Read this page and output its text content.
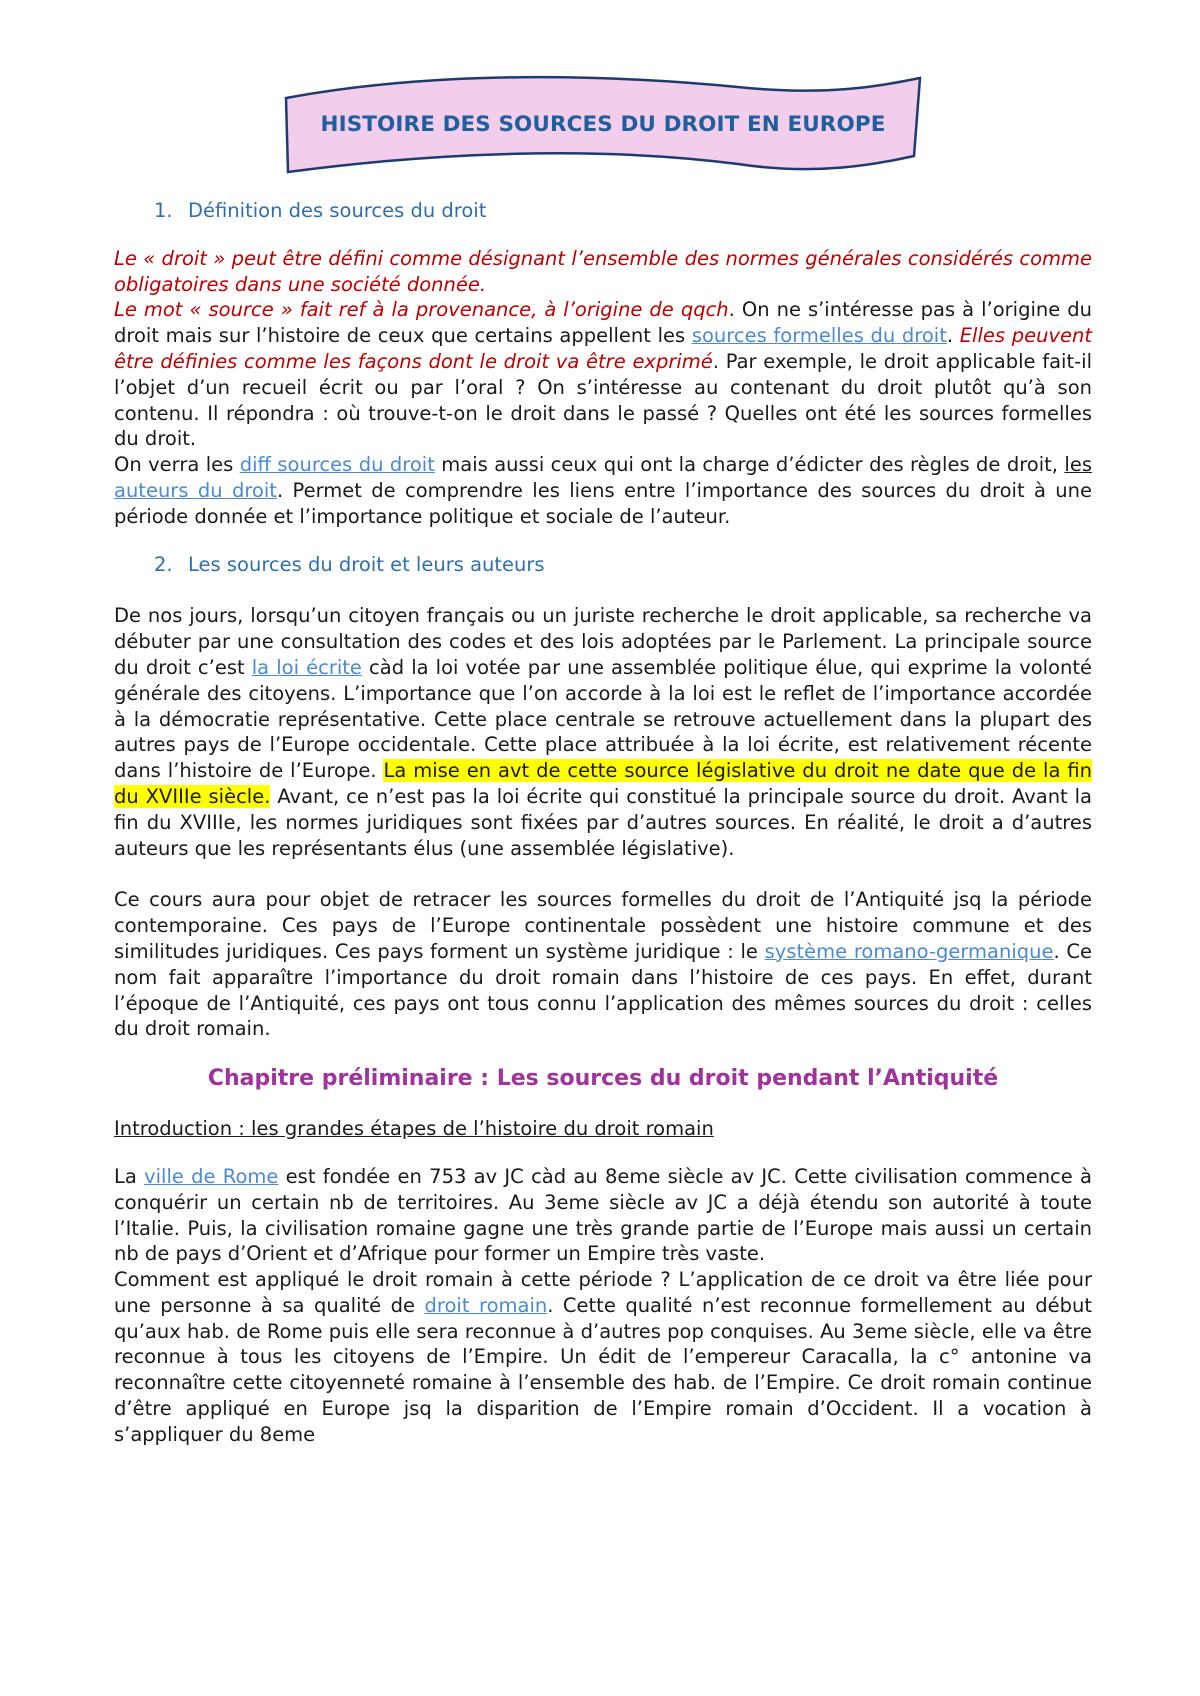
HISTOIRE DES SOURCES DU DROIT EN EUROPE
1. Définition des sources du droit

Le « droit » peut être défini comme désignant l’ensemble des normes générales considérés comme obligatoires dans une société donnée.

Le mot « source » fait ref à la provenance, à l’origine de qqch. On ne s’intéresse pas à l’origine du droit mais sur l’histoire de ceux que certains appellent les sources formelles du droit. Elles peuvent être définies comme les façons dont le droit va être exprimé. Par exemple, le droit applicable fait-il l’objet d’un recueil écrit ou par l’oral ? On s’intéresse au contenant du droit plutôt qu’à son contenu. Il répondra : où trouve-t-on le droit dans le passé ? Quelles ont été les sources formelles du droit.

On verra les diff sources du droit mais aussi ceux qui ont la charge d’édicter des règles de droit, les auteurs du droit. Permet de comprendre les liens entre l’importance des sources du droit à une période donnée et l’importance politique et sociale de l’auteur.

2. Les sources du droit et leurs auteurs

De nos jours, lorsqu’un citoyen français ou un juriste recherche le droit applicable, sa recherche va débuter par une consultation des codes et des lois adoptées par le Parlement. La principale source du droit c’est la loi écrite càd la loi votée par une assemblée politique élue, qui exprime la volonté générale des citoyens. L’importance que l’on accorde à la loi est le reflet de l’importance accordée à la démocratie représentative. Cette place centrale se retrouve actuellement dans la plupart des autres pays de l’Europe occidentale. Cette place attribuée à la loi écrite, est relativement récente dans l’histoire de l’Europe. La mise en avt de cette source législative du droit ne date que de la fin du XVIIIe siècle. Avant, ce n’est pas la loi écrite qui constitué la principale source du droit. Avant la fin du XVIIIe, les normes juridiques sont fixées par d’autres sources. En réalité, le droit a d’autres auteurs que les représentants élus (une assemblée législative).

Ce cours aura pour objet de retracer les sources formelles du droit de l’Antiquité jsq la période contemporaine. Ces pays de l’Europe continentale possèdent une histoire commune et des similitudes juridiques. Ces pays forment un système juridique : le système romano-germanique. Ce nom fait apparaître l’importance du droit romain dans l’histoire de ces pays. En effet, durant l’époque de l’Antiquité, ces pays ont tous connu l’application des mêmes sources du droit : celles du droit romain.

Chapitre préliminaire : Les sources du droit pendant l’Antiquité
Introduction : les grandes étapes de l’histoire du droit romain

La ville de Rome est fondée en 753 av JC càd au 8eme siècle av JC. Cette civilisation commence à conquérir un certain nb de territoires. Au 3eme siècle av JC a déjà étendu son autorité à toute l’Italie. Puis, la civilisation romaine gagne une très grande partie de l’Europe mais aussi un certain nb de pays d’Orient et d’Afrique pour former un Empire très vaste.

Comment est appliqué le droit romain à cette période ? L’application de ce droit va être liée pour une personne à sa qualité de droit romain. Cette qualité n’est reconnue formellement au début qu’aux hab. de Rome puis elle sera reconnue à d’autres pop conquises. Au 3eme siècle, elle va être reconnue à tous les citoyens de l’Empire. Un édit de l’empereur Caracalla, la c° antonine va reconnaître cette citoyenneté romaine à l’ensemble des hab. de l’Empire. Ce droit romain continue d’être appliqué en Europe jsq la disparition de l’Empire romain d’Occident. Il a vocation à s’appliquer du 8eme
